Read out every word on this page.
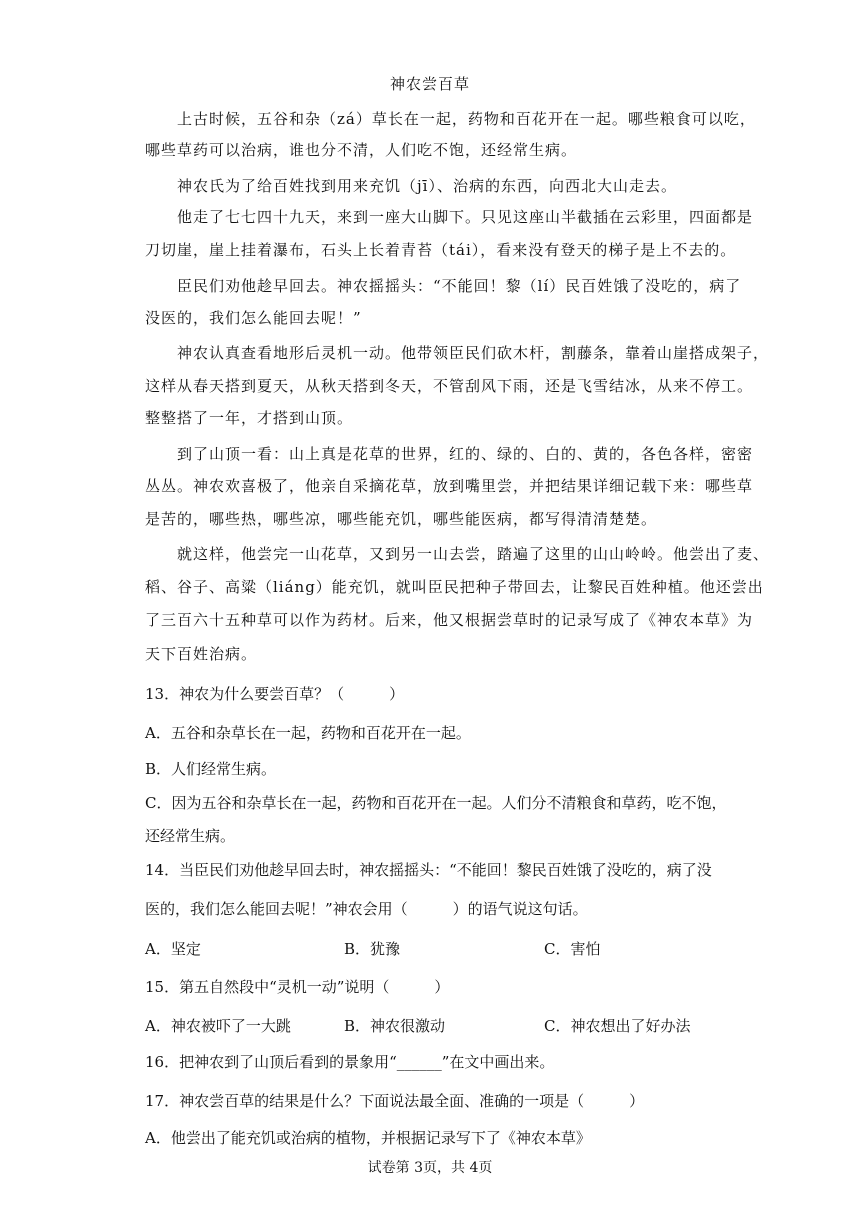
神农尝百草
　　上古时候，五谷和杂（zá）草长在一起，药物和百花开在一起。哪些粮食可以吃，
哪些草药可以治病，谁也分不清，人们吃不饱，还经常生病。
　　神农氏为了给百姓找到用来充饥（jī）、治病的东西，向西北大山走去。
　　他走了七七四十九天，来到一座大山脚下。只见这座山半截插在云彩里，四面都是
刀切崖，崖上挂着瀑布，石头上长着青苔（tái），看来没有登天的梯子是上不去的。
　　臣民们劝他趁早回去。神农摇摇头：“不能回！黎（lí）民百姓饿了没吃的，病了
没医的，我们怎么能回去呢！”
　　神农认真查看地形后灵机一动。他带领臣民们砍木杆，割藤条，靠着山崖搭成架子，
这样从春天搭到夏天，从秋天搭到冬天，不管刮风下雨，还是飞雪结冰，从来不停工。
整整搭了一年，才搭到山顶。
　　到了山顶一看：山上真是花草的世界，红的、绿的、白的、黄的，各色各样，密密
丛丛。神农欢喜极了，他亲自采摘花草，放到嘴里尝，并把结果详细记载下来：哪些草
是苦的，哪些热，哪些凉，哪些能充饥，哪些能医病，都写得清清楚楚。
　　就这样，他尝完一山花草，又到另一山去尝，踏遍了这里的山山岭岭。他尝出了麦、
稻、谷子、高粱（liáng）能充饥，就叫臣民把种子带回去，让黎民百姓种植。他还尝出
了三百六十五种草可以作为药材。后来，他又根据尝草时的记录写成了《神农本草》为
天下百姓治病。
13．神农为什么要尝百草？（　　　）
A．五谷和杂草长在一起，药物和百花开在一起。
B．人们经常生病。
C．因为五谷和杂草长在一起，药物和百花开在一起。人们分不清粮食和草药，吃不饱，
还经常生病。
14．当臣民们劝他趁早回去时，神农摇摇头：“不能回！黎民百姓饿了没吃的，病了没
医的，我们怎么能回去呢！”神农会用（　　　）的语气说这句话。
A．坚定	B．犹豫	C．害怕
15．第五自然段中“灵机一动”说明（　　　）
A．神农被吓了一大跳	B．神农很激动	C．神农想出了好办法
16．把神农到了山顶后看到的景象用“______”在文中画出来。
17．神农尝百草的结果是什么？下面说法最全面、准确的一项是（　　　）
A．他尝出了能充饥或治病的植物，并根据记录写下了《神农本草》
试卷第 3页，共 4页
